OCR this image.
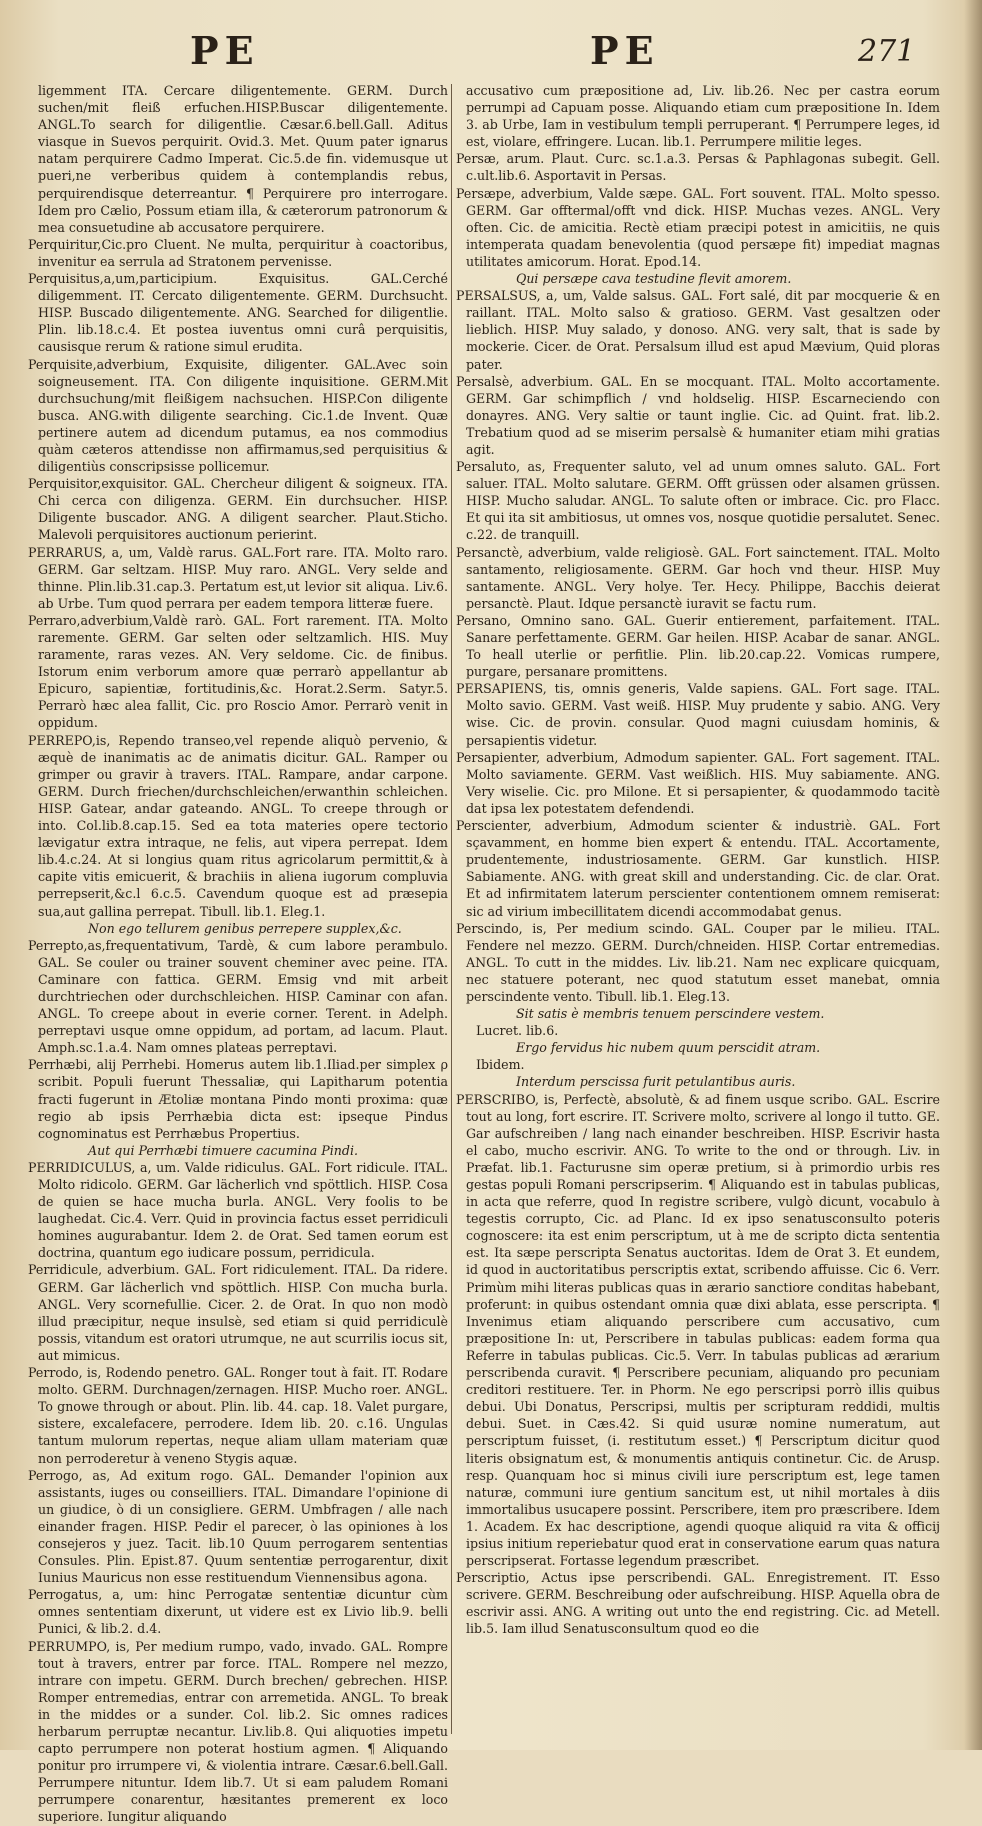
PE	PE	271

ligemment ITA. Cercare diligentemente. GERM. Durch suchen/mit fleiß erfuchen.HISP.Buscar diligentemente. ANGL.To search for diligentlie. Cæsar.6.bell.Gall. Aditus viasque in Suevos perquirit. Ovid.3. Met. Quum pater ignarus natam perquirere Cadmo Imperat. Cic.5.de fin. videmusque ut pueri,ne verberibus quidem à contemplandis rebus, perquirendisque deterreantur. ¶ Perquirere pro interrogare. Idem pro Cælio, Possum etiam illa, & cæterorum patronorum & mea consuetudine ab accusatore perquirere.

Perquiritur,Cic.pro Cluent. Ne multa, perquiritur à coactoribus, invenitur ea serrula ad Stratonem pervenisse.

Perquisitus,a,um,participium. Exquisitus. GAL.Cerché diligemment. IT. Cercato diligentemente. GERM. Durchsucht. HISP. Buscado diligentemente. ANG. Searched for diligentlie. Plin. lib.18.c.4. Et postea iuventus omni curâ perquisitis, causisque rerum & ratione simul erudita.

Perquisite,adverbium, Exquisite, diligenter. GAL.Avec soin soigneusement. ITA. Con diligente inquisitione. GERM.Mit durchsuchung/mit fleißigem nachsuchen. HISP.Con diligente busca. ANG.with diligente searching. Cic.1.de Invent. Quæ pertinere autem ad dicendum putamus, ea nos commodius quàm cæteros attendisse non affirmamus,sed perquisitius & diligentiùs conscripsisse pollicemur.

Perquisitor,exquisitor. GAL. Chercheur diligent & soigneux. ITA. Chi cerca con diligenza. GERM. Ein durchsucher. HISP. Diligente buscador. ANG. A diligent searcher. Plaut.Sticho. Malevoli perquisitores auctionum perierint.

PERRARUS, a, um, Valdè rarus. GAL.Fort rare. ITA. Molto raro. GERM. Gar seltzam. HISP. Muy raro. ANGL. Very selde and thinne. Plin.lib.31.cap.3. Pertatum est,ut levior sit aliqua. Liv.6. ab Urbe. Tum quod perrara per eadem tempora litteræ fuere.

Perraro,adverbium,Valdè rarò. GAL. Fort rarement. ITA. Molto raremente. GERM. Gar selten oder seltzamlich. HIS. Muy raramente, raras vezes. AN. Very seldome. Cic. de finibus. Istorum enim verborum amore quæ perrarò appellantur ab Epicuro, sapientiæ, fortitudinis,&c. Horat.2.Serm. Satyr.5. Perrarò hæc alea fallit, Cic. pro Roscio Amor. Perrarò venit in oppidum.

PERREPO,is, Rependo transeo,vel repende aliquò pervenio, & æquè de inanimatis ac de animatis dicitur. GAL. Ramper ou grimper ou gravir à travers. ITAL. Rampare, andar carpone. GERM. Durch friechen/durchschleichen/erwanthin schleichen. HISP. Gatear, andar gateando. ANGL. To creepe through or into. Col.lib.8.cap.15. Sed ea tota materies opere tectorio lævigatur extra intraque, ne felis, aut vipera perrepat. Idem lib.4.c.24. At si longius quam ritus agricolarum permittit,& à capite vitis emicuerit, & brachiis in aliena iugorum compluvia perrepserit,&c.l 6.c.5. Cavendum quoque est ad præsepia sua,aut gallina perrepat. Tibull. lib.1. Eleg.1.

Non ego tellurem genibus perrepere supplex,&c.

Perrepto,as,frequentativum, Tardè, & cum labore perambulo. GAL. Se couler ou trainer souvent cheminer avec peine. ITA. Caminare con fattica. GERM. Emsig vnd mit arbeit durchtriechen oder durchschleichen. HISP. Caminar con afan. ANGL. To creepe about in everie corner. Terent. in Adelph. perreptavi usque omne oppidum, ad portam, ad lacum. Plaut. Amph.sc.1.a.4. Nam omnes plateas perreptavi.

Perrhæbi, alij Perrhebi. Homerus autem lib.1.Iliad.per simplex ρ scribit. Populi fuerunt Thessaliæ, qui Lapitharum potentia fracti fugerunt in Ætoliæ montana Pindo monti proxima: quæ regio ab ipsis Perrhæbia dicta est: ipseque Pindus cognominatus est Perrhæbus Propertius.

Aut qui Perrhæbi timuere cacumina Pindi.

PERRIDICULUS, a, um. Valde ridiculus. GAL. Fort ridicule. ITAL. Molto ridicolo. GERM. Gar lächerlich vnd spöttlich. HISP. Cosa de quien se hace mucha burla. ANGL. Very foolis to be laughedat. Cic.4. Verr. Quid in provincia factus esset perridiculi homines augurabantur. Idem 2. de Orat. Sed tamen eorum est doctrina, quantum ego iudicare possum, perridicula.

Perridicule, adverbium. GAL. Fort ridiculement. ITAL. Da ridere. GERM. Gar lächerlich vnd spöttlich. HISP. Con mucha burla. ANGL. Very scornefullie. Cicer. 2. de Orat. In quo non modò illud præcipitur, neque insulsè, sed etiam si quid perridiculè possis, vitandum est oratori utrumque, ne aut scurrilis iocus sit, aut mimicus.

Perrodo, is, Rodendo penetro. GAL. Ronger tout à fait. IT. Rodare molto. GERM. Durchnagen/zernagen. HISP. Mucho roer. ANGL. To gnowe through or about. Plin. lib. 44. cap. 18. Valet purgare, sistere, excalefacere, perrodere. Idem lib. 20. c.16. Ungulas tantum mulorum repertas, neque aliam ullam materiam quæ non perroderetur à veneno Stygis aquæ.

Perrogo, as, Ad exitum rogo. GAL. Demander l'opinion aux assistants, iuges ou conseilliers. ITAL. Dimandare l'opinione di un giudice, ò di un consigliere. GERM. Umbfragen / alle nach einander fragen. HISP. Pedir el parecer, ò las opiniones à los consejeros y juez. Tacit. lib.10 Quum perrogarem sententias Consules. Plin. Epist.87. Quum sententiæ perrogarentur, dixit Iunius Mauricus non esse restituendum Viennensibus agona.

Perrogatus, a, um: hinc Perrogatæ sententiæ dicuntur cùm omnes sententiam dixerunt, ut videre est ex Livio lib.9. belli Punici, & lib.2. d.4.

PERRUMPO, is, Per medium rumpo, vado, invado. GAL. Rompre tout à travers, entrer par force. ITAL. Rompere nel mezzo, intrare con impetu. GERM. Durch brechen/ gebrechen. HISP. Romper entremedias, entrar con arremetida. ANGL. To break in the middes or a sunder. Col. lib.2. Sic omnes radices herbarum perruptæ necantur. Liv.lib.8. Qui aliquoties impetu capto perrumpere non poterat hostium agmen. ¶ Aliquando ponitur pro irrumpere vi, & violentia intrare. Cæsar.6.bell.Gall. Perrumpere nituntur. Idem lib.7. Ut si eam paludem Romani perrumpere conarentur, hæsitantes premerent ex loco superiore. Iungitur aliquando

accusativo cum præpositione ad, Liv. lib.26. Nec per castra eorum perrumpi ad Capuam posse. Aliquando etiam cum præpositione In. Idem 3. ab Urbe, Iam in vestibulum templi perruperant. ¶ Perrumpere leges, id est, violare, effringere. Lucan. lib.1. Perrumpere militie leges.

Persæ, arum. Plaut. Curc. sc.1.a.3. Persas & Paphlagonas subegit. Gell. c.ult.lib.6. Asportavit in Persas.

Persæpe, adverbium, Valde sæpe. GAL. Fort souvent. ITAL. Molto spesso. GERM. Gar offtermal/offt vnd dick. HISP. Muchas vezes. ANGL. Very often. Cic. de amicitia. Rectè etiam præcipi potest in amicitiis, ne quis intemperata quadam benevolentia (quod persæpe fit) impediat magnas utilitates amicorum. Horat. Epod.14.

Qui persæpe cava testudine flevit amorem.

PERSALSUS, a, um, Valde salsus. GAL. Fort salé, dit par mocquerie & en raillant. ITAL. Molto salso & gratioso. GERM. Vast gesaltzen oder lieblich. HISP. Muy salado, y donoso. ANG. very salt, that is sade by mockerie. Cicer. de Orat. Persalsum illud est apud Mævium, Quid ploras pater.

Persalsè, adverbium. GAL. En se mocquant. ITAL. Molto accortamente. GERM. Gar schimpflich / vnd holdselig. HISP. Escarneciendo con donayres. ANG. Very saltie or taunt inglie. Cic. ad Quint. frat. lib.2. Trebatium quod ad se miserim persalsè & humaniter etiam mihi gratias agit.

Persaluto, as, Frequenter saluto, vel ad unum omnes saluto. GAL. Fort saluer. ITAL. Molto salutare. GERM. Offt grüssen oder alsamen grüssen. HISP. Mucho saludar. ANGL. To salute often or imbrace. Cic. pro Flacc. Et qui ita sit ambitiosus, ut omnes vos, nosque quotidie persalutet. Senec. c.22. de tranquill.

Persanctè, adverbium, valde religiosè. GAL. Fort sainctement. ITAL. Molto santamento, religiosamente. GERM. Gar hoch vnd theur. HISP. Muy santamente. ANGL. Very holye. Ter. Hecy. Philippe, Bacchis deierat persanctè. Plaut. Idque persanctè iuravit se factu rum.

Persano, Omnino sano. GAL. Guerir entierement, parfaitement. ITAL. Sanare perfettamente. GERM. Gar heilen. HISP. Acabar de sanar. ANGL. To heall uterlie or perfitlie. Plin. lib.20.cap.22. Vomicas rumpere, purgare, persanare promittens.

PERSAPIENS, tis, omnis generis, Valde sapiens. GAL. Fort sage. ITAL. Molto savio. GERM. Vast weiß. HISP. Muy prudente y sabio. ANG. Very wise. Cic. de provin. consular. Quod magni cuiusdam hominis, & persapientis videtur.

Persapienter, adverbium, Admodum sapienter. GAL. Fort sagement. ITAL. Molto saviamente. GERM. Vast weißlich. HIS. Muy sabiamente. ANG. Very wiselie. Cic. pro Milone. Et si persapienter, & quodammodo tacitè dat ipsa lex potestatem defendendi.

Perscienter, adverbium, Admodum scienter & industriè. GAL. Fort sçavamment, en homme bien expert & entendu. ITAL. Accortamente, prudentemente, industriosamente. GERM. Gar kunstlich. HISP. Sabiamente. ANG. with great skill and understanding. Cic. de clar. Orat. Et ad infirmitatem laterum perscienter contentionem omnem remiserat: sic ad virium imbecillitatem dicendi accommodabat genus.

Perscindo, is, Per medium scindo. GAL. Couper par le milieu. ITAL. Fendere nel mezzo. GERM. Durch/chneiden. HISP. Cortar entremedias. ANGL. To cutt in the middes. Liv. lib.21. Nam nec explicare quicquam, nec statuere poterant, nec quod statutum esset manebat, omnia perscindente vento. Tibull. lib.1. Eleg.13.

Sit satis è membris tenuem perscindere vestem.

Lucret. lib.6.

Ergo fervidus hic nubem quum perscidit atram.

Ibidem.

Interdum perscissa furit petulantibus auris.

PERSCRIBO, is, Perfectè, absolutè, & ad finem usque scribo. GAL. Escrire tout au long, fort escrire. IT. Scrivere molto, scrivere al longo il tutto. GE. Gar aufschreiben / lang nach einander beschreiben. HISP. Escrivir hasta el cabo, mucho escrivir. ANG. To write to the ond or through. Liv. in Præfat. lib.1. Facturusne sim operæ pretium, si à primordio urbis res gestas populi Romani perscripserim. ¶ Aliquando est in tabulas publicas, in acta que referre, quod In registre scribere, vulgò dicunt, vocabulo à tegestis corrupto, Cic. ad Planc. Id ex ipso senatusconsulto poteris cognoscere: ita est enim perscriptum, ut à me de scripto dicta sententia est. Ita sæpe perscripta Senatus auctoritas. Idem de Orat 3. Et eundem, id quod in auctoritatibus perscriptis extat, scribendo affuisse. Cic 6. Verr. Primùm mihi literas publicas quas in ærario sanctiore conditas habebant, proferunt: in quibus ostendant omnia quæ dixi ablata, esse perscripta. ¶ Invenimus etiam aliquando perscribere cum accusativo, cum præpositione In: ut, Perscribere in tabulas publicas: eadem forma qua Referre in tabulas publicas. Cic.5. Verr. In tabulas publicas ad ærarium perscribenda curavit. ¶ Perscribere pecuniam, aliquando pro pecuniam creditori restituere. Ter. in Phorm. Ne ego perscripsi porrò illis quibus debui. Ubi Donatus, Perscripsi, multis per scripturam reddidi, multis debui. Suet. in Cæs.42. Si quid usuræ nomine numeratum, aut perscriptum fuisset, (i. restitutum esset.) ¶ Perscriptum dicitur quod literis obsignatum est, & monumentis antiquis continetur. Cic. de Arusp. resp. Quanquam hoc si minus civili iure perscriptum est, lege tamen naturæ, communi iure gentium sancitum est, ut nihil mortales à diis immortalibus usucapere possint. Perscribere, item pro præscribere. Idem 1. Academ. Ex hac descriptione, agendi quoque aliquid ra vita & officij ipsius initium reperiebatur quod erat in conservatione earum quas natura perscripserat. Fortasse legendum præscribet.

Perscriptio, Actus ipse perscribendi. GAL. Enregistrement. IT. Esso scrivere. GERM. Beschreibung oder aufschreibung. HISP. Aquella obra de escrivir assi. ANG. A writing out unto the end registring. Cic. ad Metell. lib.5. Iam illud Senatusconsultum quod eo die
